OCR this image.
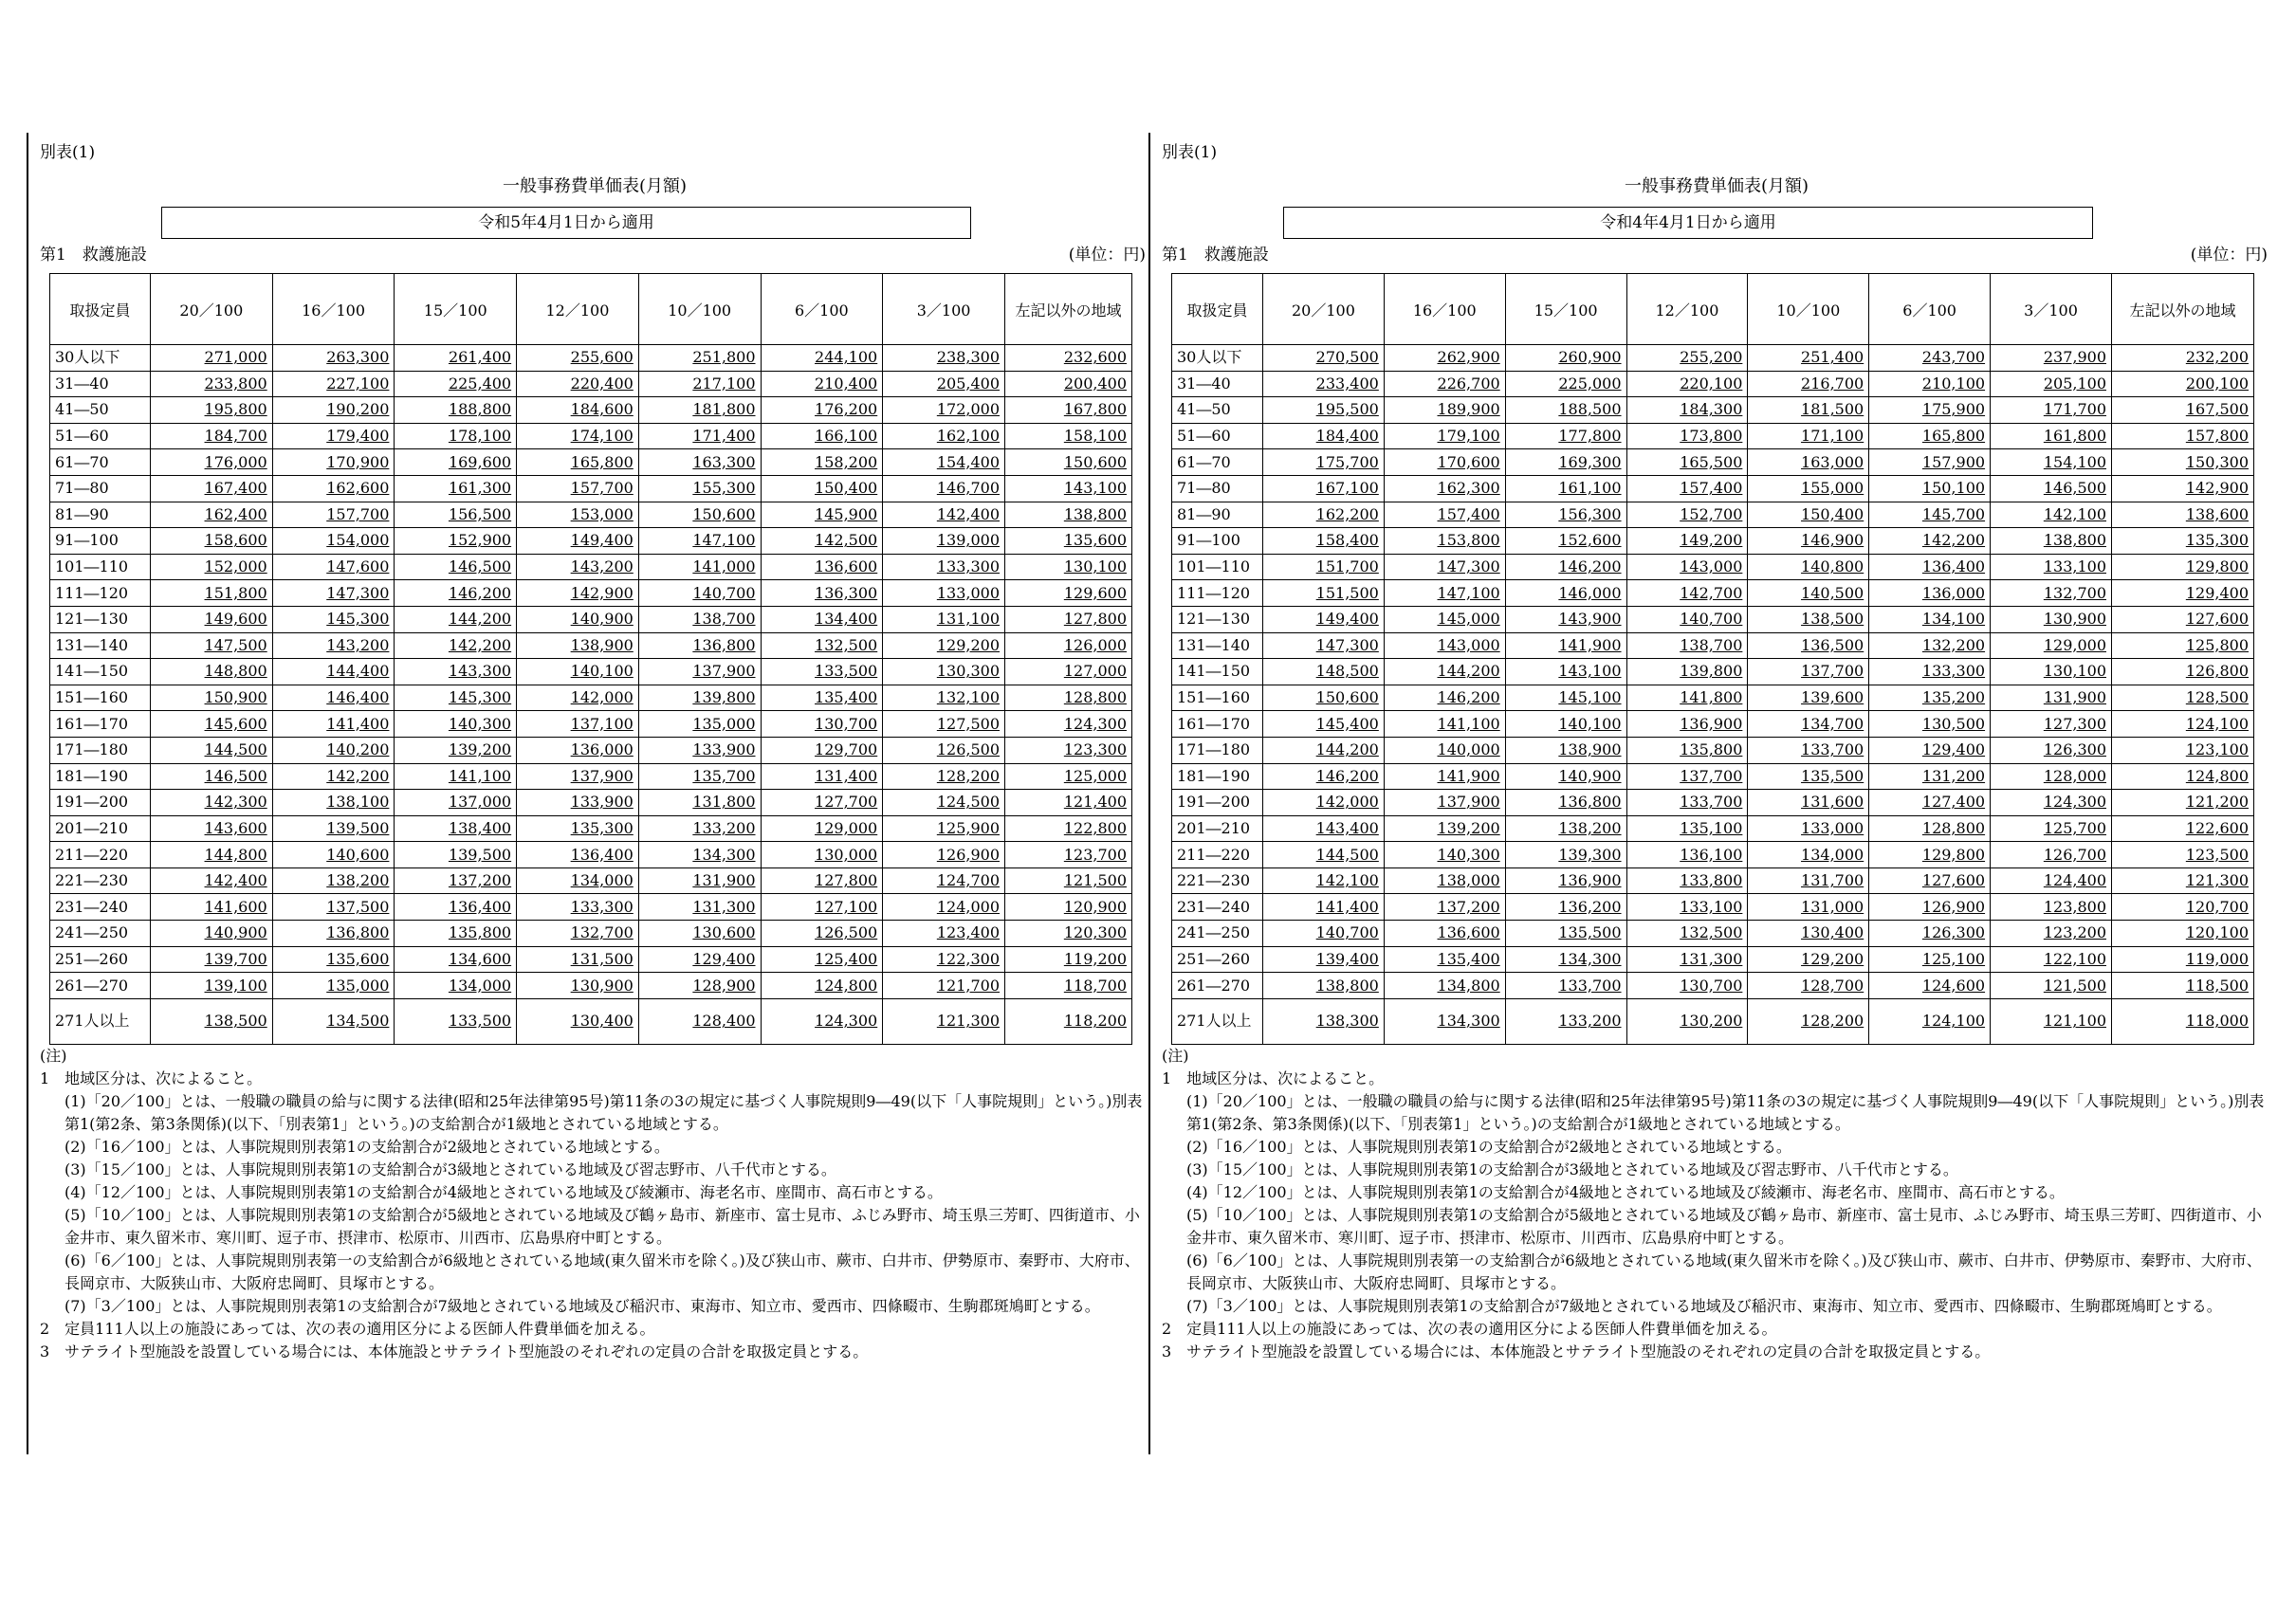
別表(1)
一般事務費単価表(月額)
令和5年4月1日から適用
第1　救護施設	(単位：円)
取扱定員	20／100	16／100	15／100	12／100	10／100	6／100	3／100	左記以外の地域
30人以下	271,000	263,300	261,400	255,600	251,800	244,100	238,300	232,600
31―40	233,800	227,100	225,400	220,400	217,100	210,400	205,400	200,400
41―50	195,800	190,200	188,800	184,600	181,800	176,200	172,000	167,800
51―60	184,700	179,400	178,100	174,100	171,400	166,100	162,100	158,100
61―70	176,000	170,900	169,600	165,800	163,300	158,200	154,400	150,600
71―80	167,400	162,600	161,300	157,700	155,300	150,400	146,700	143,100
81―90	162,400	157,700	156,500	153,000	150,600	145,900	142,400	138,800
91―100	158,600	154,000	152,900	149,400	147,100	142,500	139,000	135,600
101―110	152,000	147,600	146,500	143,200	141,000	136,600	133,300	130,100
111―120	151,800	147,300	146,200	142,900	140,700	136,300	133,000	129,600
121―130	149,600	145,300	144,200	140,900	138,700	134,400	131,100	127,800
131―140	147,500	143,200	142,200	138,900	136,800	132,500	129,200	126,000
141―150	148,800	144,400	143,300	140,100	137,900	133,500	130,300	127,000
151―160	150,900	146,400	145,300	142,000	139,800	135,400	132,100	128,800
161―170	145,600	141,400	140,300	137,100	135,000	130,700	127,500	124,300
171―180	144,500	140,200	139,200	136,000	133,900	129,700	126,500	123,300
181―190	146,500	142,200	141,100	137,900	135,700	131,400	128,200	125,000
191―200	142,300	138,100	137,000	133,900	131,800	127,700	124,500	121,400
201―210	143,600	139,500	138,400	135,300	133,200	129,000	125,900	122,800
211―220	144,800	140,600	139,500	136,400	134,300	130,000	126,900	123,700
221―230	142,400	138,200	137,200	134,000	131,900	127,800	124,700	121,500
231―240	141,600	137,500	136,400	133,300	131,300	127,100	124,000	120,900
241―250	140,900	136,800	135,800	132,700	130,600	126,500	123,400	120,300
251―260	139,700	135,600	134,600	131,500	129,400	125,400	122,300	119,200
261―270	139,100	135,000	134,000	130,900	128,900	124,800	121,700	118,700
271人以上	138,500	134,500	133,500	130,400	128,400	124,300	121,300	118,200
(注)
1　地域区分は、次によること。
(1)「20／100」とは、一般職の職員の給与に関する法律(昭和25年法律第95号)第11条の3の規定に基づく人事院規則9―49(以下「人事院規則」という。)別表第1(第2条、第3条関係)(以下、「別表第1」という。)の支給割合が1級地とされている地域とする。
(2)「16／100」とは、人事院規則別表第1の支給割合が2級地とされている地域とする。
(3)「15／100」とは、人事院規則別表第1の支給割合が3級地とされている地域及び習志野市、八千代市とする。
(4)「12／100」とは、人事院規則別表第1の支給割合が4級地とされている地域及び綾瀬市、海老名市、座間市、高石市とする。
(5)「10／100」とは、人事院規則別表第1の支給割合が5級地とされている地域及び鶴ヶ島市、新座市、富士見市、ふじみ野市、埼玉県三芳町、四街道市、小金井市、東久留米市、寒川町、逗子市、摂津市、松原市、川西市、広島県府中町とする。
(6)「6／100」とは、人事院規則別表第一の支給割合が6級地とされている地域(東久留米市を除く。)及び狭山市、蕨市、白井市、伊勢原市、秦野市、大府市、長岡京市、大阪狭山市、大阪府忠岡町、貝塚市とする。
(7)「3／100」とは、人事院規則別表第1の支給割合が7級地とされている地域及び稲沢市、東海市、知立市、愛西市、四條畷市、生駒郡斑鳩町とする。
2　定員111人以上の施設にあっては、次の表の適用区分による医師人件費単価を加える。
3　サテライト型施設を設置している場合には、本体施設とサテライト型施設のそれぞれの定員の合計を取扱定員とする。
別表(1)
一般事務費単価表(月額)
令和4年4月1日から適用
第1　救護施設	(単位：円)
取扱定員	20／100	16／100	15／100	12／100	10／100	6／100	3／100	左記以外の地域
30人以下	270,500	262,900	260,900	255,200	251,400	243,700	237,900	232,200
31―40	233,400	226,700	225,000	220,100	216,700	210,100	205,100	200,100
41―50	195,500	189,900	188,500	184,300	181,500	175,900	171,700	167,500
51―60	184,400	179,100	177,800	173,800	171,100	165,800	161,800	157,800
61―70	175,700	170,600	169,300	165,500	163,000	157,900	154,100	150,300
71―80	167,100	162,300	161,100	157,400	155,000	150,100	146,500	142,900
81―90	162,200	157,400	156,300	152,700	150,400	145,700	142,100	138,600
91―100	158,400	153,800	152,600	149,200	146,900	142,200	138,800	135,300
101―110	151,700	147,300	146,200	143,000	140,800	136,400	133,100	129,800
111―120	151,500	147,100	146,000	142,700	140,500	136,000	132,700	129,400
121―130	149,400	145,000	143,900	140,700	138,500	134,100	130,900	127,600
131―140	147,300	143,000	141,900	138,700	136,500	132,200	129,000	125,800
141―150	148,500	144,200	143,100	139,800	137,700	133,300	130,100	126,800
151―160	150,600	146,200	145,100	141,800	139,600	135,200	131,900	128,500
161―170	145,400	141,100	140,100	136,900	134,700	130,500	127,300	124,100
171―180	144,200	140,000	138,900	135,800	133,700	129,400	126,300	123,100
181―190	146,200	141,900	140,900	137,700	135,500	131,200	128,000	124,800
191―200	142,000	137,900	136,800	133,700	131,600	127,400	124,300	121,200
201―210	143,400	139,200	138,200	135,100	133,000	128,800	125,700	122,600
211―220	144,500	140,300	139,300	136,100	134,000	129,800	126,700	123,500
221―230	142,100	138,000	136,900	133,800	131,700	127,600	124,400	121,300
231―240	141,400	137,200	136,200	133,100	131,000	126,900	123,800	120,700
241―250	140,700	136,600	135,500	132,500	130,400	126,300	123,200	120,100
251―260	139,400	135,400	134,300	131,300	129,200	125,100	122,100	119,000
261―270	138,800	134,800	133,700	130,700	128,700	124,600	121,500	118,500
271人以上	138,300	134,300	133,200	130,200	128,200	124,100	121,100	118,000
(注)
1　地域区分は、次によること。
(1)「20／100」とは、一般職の職員の給与に関する法律(昭和25年法律第95号)第11条の3の規定に基づく人事院規則9―49(以下「人事院規則」という。)別表第1(第2条、第3条関係)(以下、「別表第1」という。)の支給割合が1級地とされている地域とする。
(2)「16／100」とは、人事院規則別表第1の支給割合が2級地とされている地域とする。
(3)「15／100」とは、人事院規則別表第1の支給割合が3級地とされている地域及び習志野市、八千代市とする。
(4)「12／100」とは、人事院規則別表第1の支給割合が4級地とされている地域及び綾瀬市、海老名市、座間市、高石市とする。
(5)「10／100」とは、人事院規則別表第1の支給割合が5級地とされている地域及び鶴ヶ島市、新座市、富士見市、ふじみ野市、埼玉県三芳町、四街道市、小金井市、東久留米市、寒川町、逗子市、摂津市、松原市、川西市、広島県府中町とする。
(6)「6／100」とは、人事院規則別表第一の支給割合が6級地とされている地域(東久留米市を除く。)及び狭山市、蕨市、白井市、伊勢原市、秦野市、大府市、長岡京市、大阪狭山市、大阪府忠岡町、貝塚市とする。
(7)「3／100」とは、人事院規則別表第1の支給割合が7級地とされている地域及び稲沢市、東海市、知立市、愛西市、四條畷市、生駒郡斑鳩町とする。
2　定員111人以上の施設にあっては、次の表の適用区分による医師人件費単価を加える。
3　サテライト型施設を設置している場合には、本体施設とサテライト型施設のそれぞれの定員の合計を取扱定員とする。
